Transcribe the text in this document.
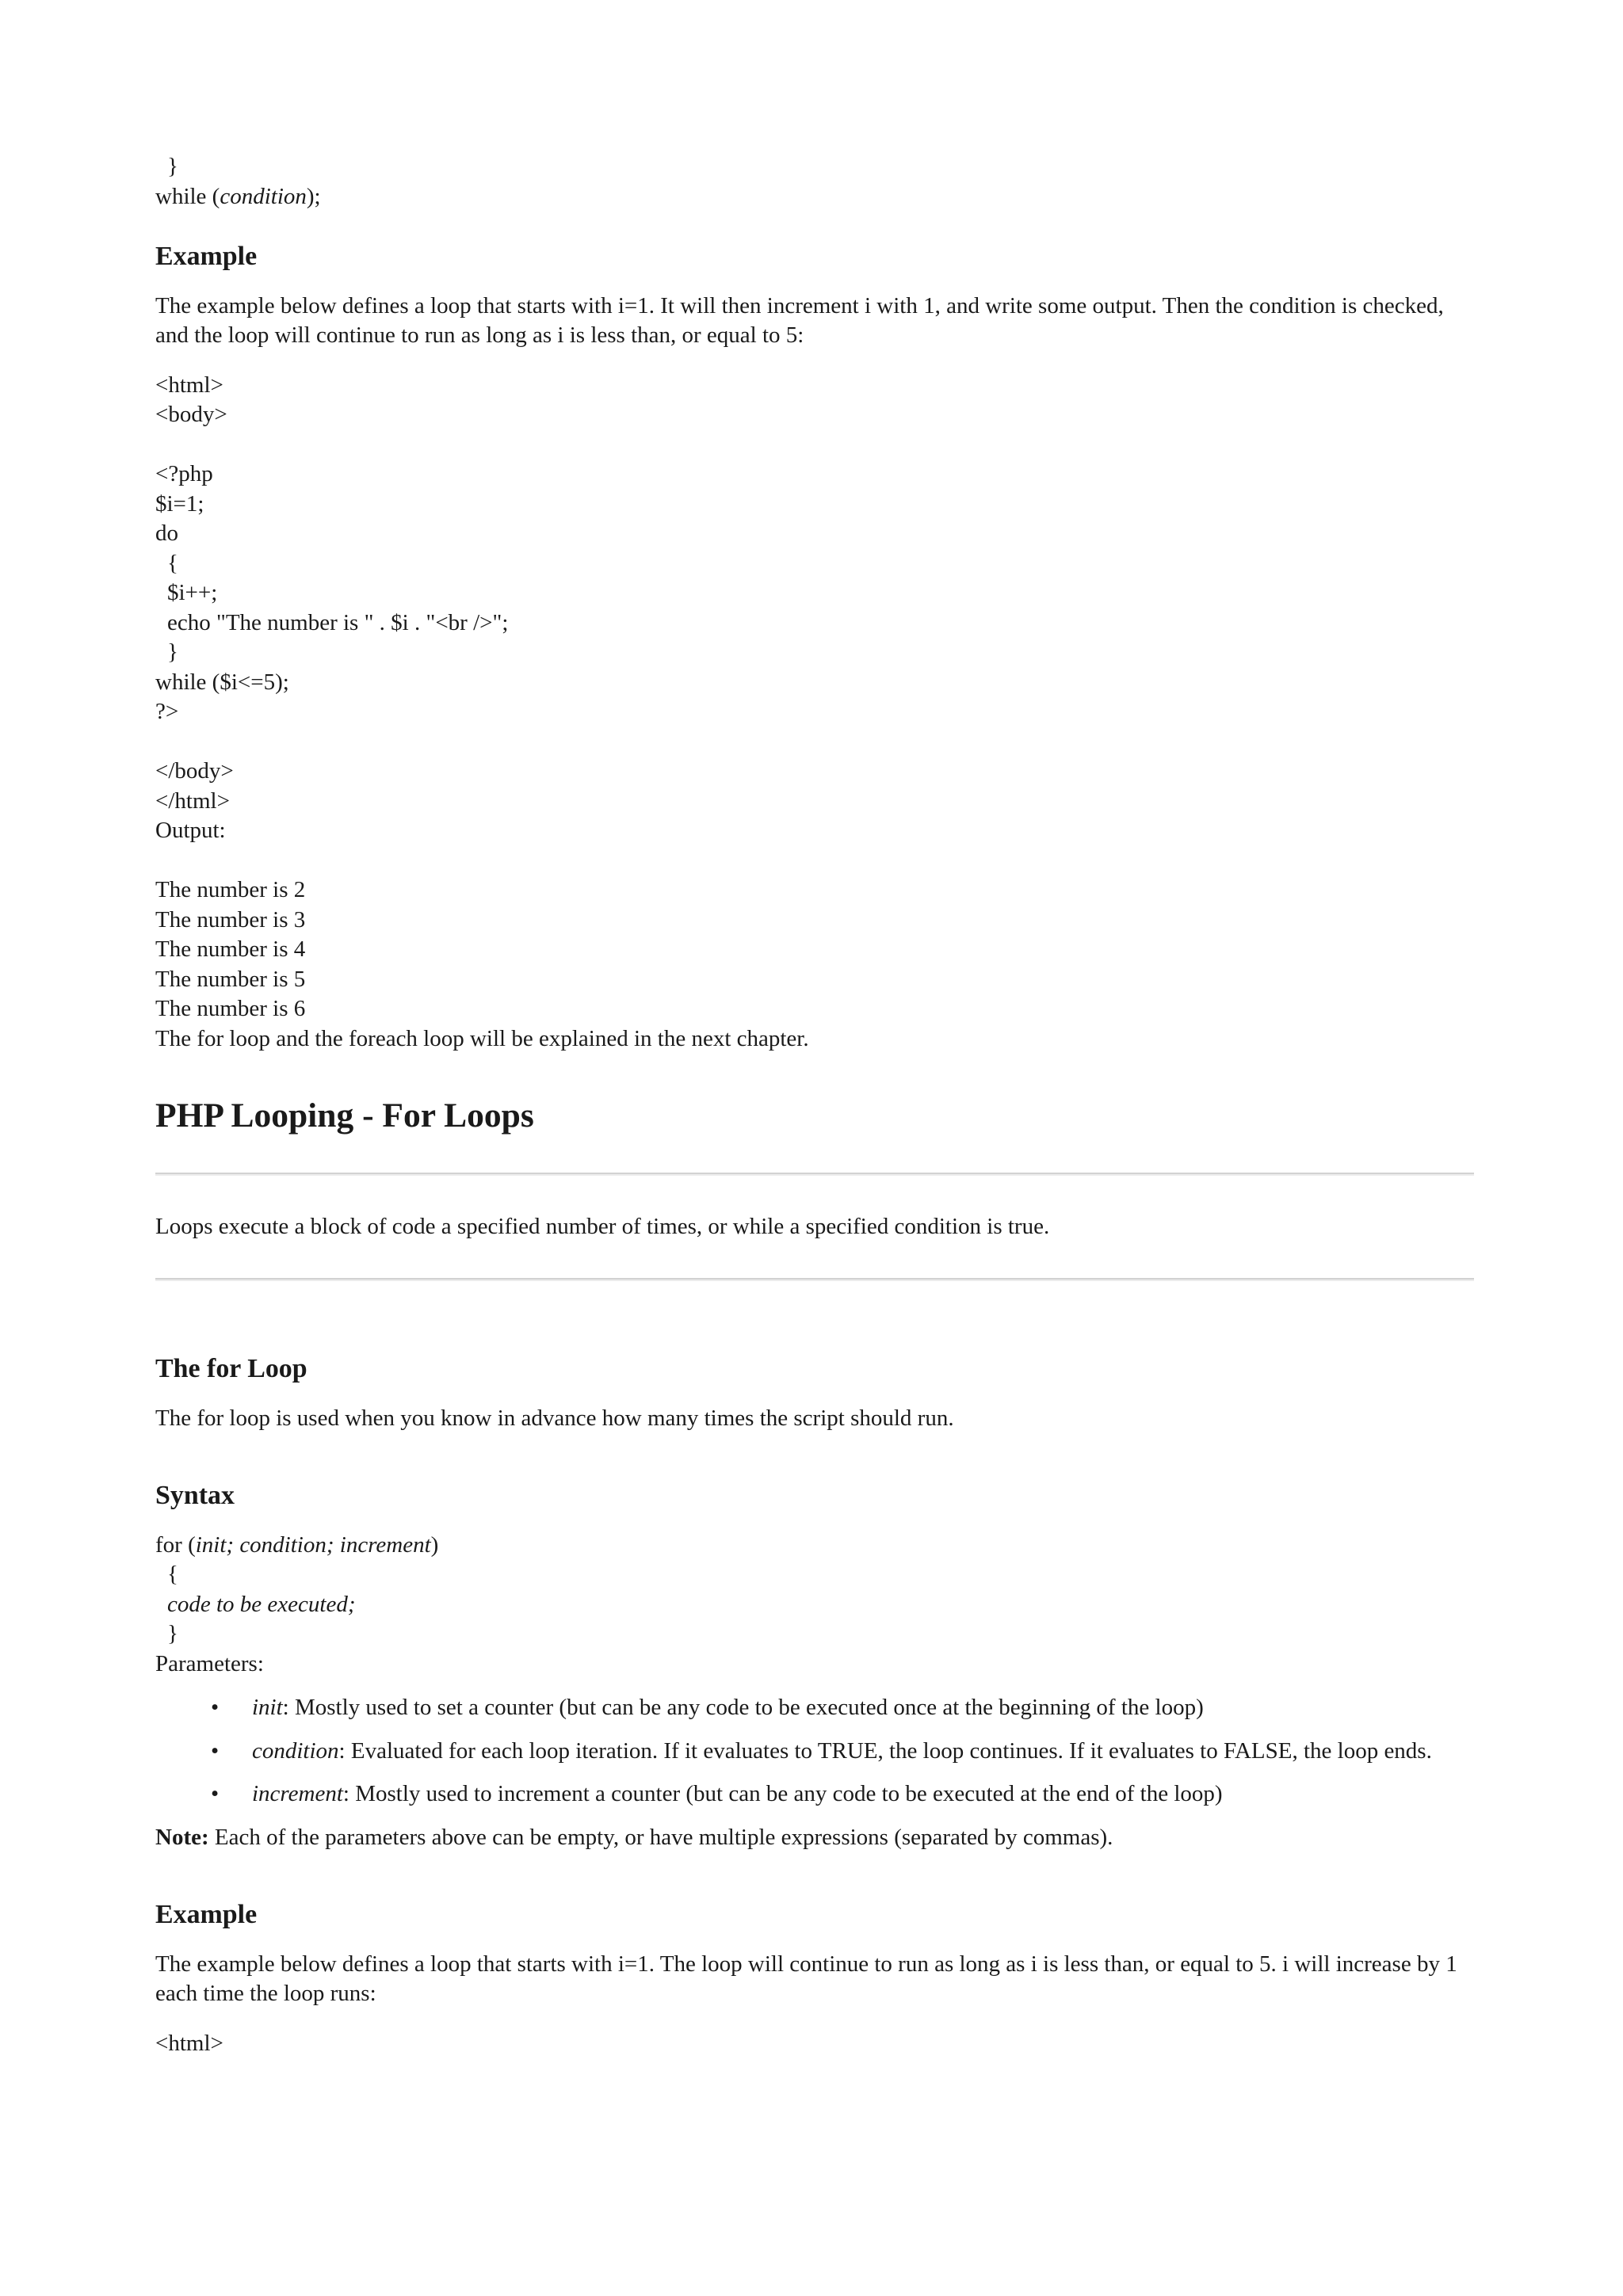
}

while (condition);

Example

The example below defines a loop that starts with i=1. It will then increment i with 1, and write some output. Then the condition is checked, and the loop will continue to run as long as i is less than, or equal to 5:

<html>

<body>

<?php

$i=1;

do

{

$i++;

echo "The number is " . $i . "<br />";

}

while ($i<=5);

?>

</body>

</html>

Output:

The number is 2

The number is 3

The number is 4

The number is 5

The number is 6

The for loop and the foreach loop will be explained in the next chapter.

PHP Looping - For Loops

Loops execute a block of code a specified number of times, or while a specified condition is true.

The for Loop

The for loop is used when you know in advance how many times the script should run.

Syntax

for (init; condition; increment)

{

code to be executed;

}

Parameters:

• init: Mostly used to set a counter (but can be any code to be executed once at the beginning of the loop)
• condition: Evaluated for each loop iteration. If it evaluates to TRUE, the loop continues. If it evaluates to FALSE, the loop ends.
• increment: Mostly used to increment a counter (but can be any code to be executed at the end of the loop)

Note: Each of the parameters above can be empty, or have multiple expressions (separated by commas).

Example

The example below defines a loop that starts with i=1. The loop will continue to run as long as i is less than, or equal to 5. i will increase by 1 each time the loop runs:

<html>
